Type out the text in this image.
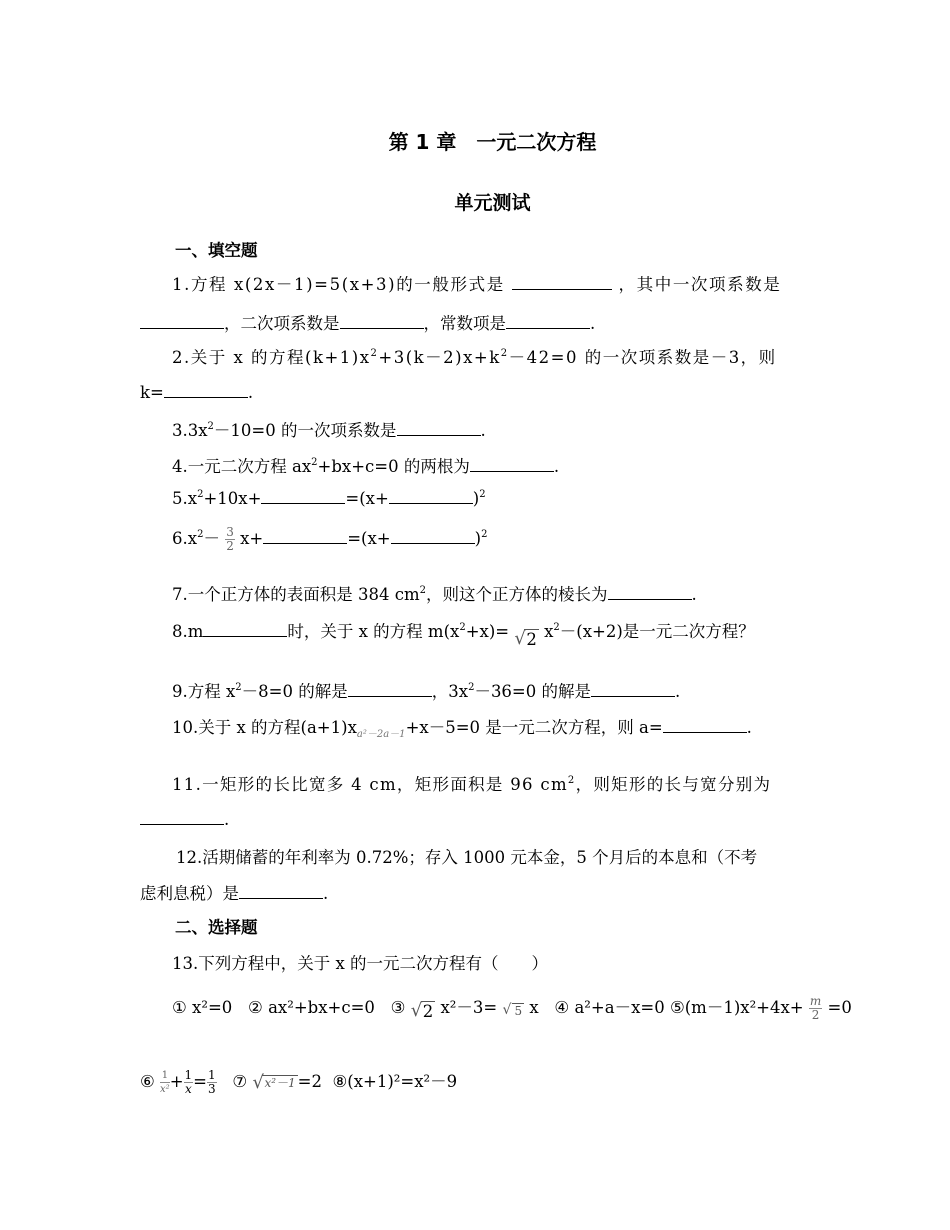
第 1 章　一元二次方程
单元测试
一、填空题
1.方程 x(2x－1)=5(x+3)的一般形式是	，其中一次项系数是
，二次项系数是	，常数项是	.
2.关于 x 的方程$(k+1)x^2+3(k-2)x+k^2-42=0$ 的一次项系数是－3，则
k=	.
$3.3x^2-10=0$ 的一次项系数是	.
4.一元二次方程 $ax^2+bx+c=0$ 的两根为	.
$5.x^2+10x+$	=(x+	)$^2$
$6.x^2- \frac{3}{2} x+$	=(x+	)$^2$
7.一个正方体的表面积是 384 $cm^2$，则这个正方体的棱长为	.
8.m	时，关于 x 的方程 $m(x^2+x)=$ √ 2 $x^2-(x+2)$是一元二次方程？
9.方程 $x^2-8=0$ 的解是	，$3x^2-36=0$ 的解是	.
10.关于 x 的方程$(a+1)x_{a^2-2a-1}+x-5=0$ 是一元二次方程，则 a=	.
11.一矩形的长比宽多 4 cm，矩形面积是 96 $cm^2$，则矩形的长与宽分别为
.
12.活期储蓄的年利率为 0.72%；存入 1000 元本金，5 个月后的本息和（不考
虑利息税）是	.
二、选择题
13.下列方程中，关于 x 的一元二次方程有（　　）
① x²=0 ② ax²+bx+c=0 ③ √ 2 x²－3= √ 5 x ④ a²+a－x=0 ⑤(m－1)x²+4x+ $\frac{m}{2} =0$
⑥ $\frac{1}{\text{x²}} + \frac{1}{x} = \frac{1}{3}$ ⑦ √ x²－1 =2 ⑧(x+1)²=x²－9
